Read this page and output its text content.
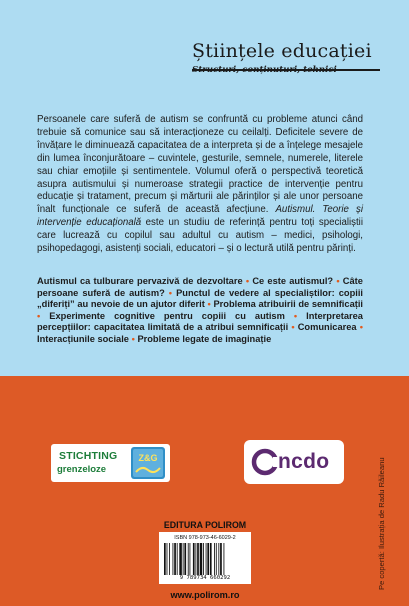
Științele educației
Persoanele care suferă de autism se confruntă cu probleme atunci când trebuie să comunice sau să interacționeze cu ceilalți. Deficitele severe de învățare le diminuează capacitatea de a interpreta și de a înțelege mesajele din lumea înconjurătoare – cuvintele, gesturile, semnele, numerele, literele sau chiar emoțiile și sentimentele. Volumul oferă o perspectivă teoretică asupra autismului și numeroase strategii practice de intervenție pentru educație și tratament, precum și mărturii ale părinților și ale unor persoane înalt funcționale ce suferă de această afecțiune. Autismul. Teorie și intervenție educațională este un studiu de referință pentru toți specialiștii care lucrează cu copilul sau adultul cu autism – medici, psihologi, psihopedagogi, asistenți sociali, educatori – și o lectură utilă pentru părinți.
Autismul ca tulburare pervazivă de dezvoltare • Ce este autismul? • Câte persoane suferă de autism? • Punctul de vedere al specialiștilor: copiii „diferiți” au nevoie de un ajutor diferit • Problema atribuirii de semnificații • Experimente cognitive pentru copiii cu autism • Interpretarea percepțiilor: capacitatea limitată de a atribui semnificații • Comunicarea • Interacțiunile sociale • Probleme legate de imaginație
STICHTING
grenzeloze
Z&G	ncdo	Pe copertă: Ilustrația de Radu Răileanu
EDITURA POLIROM
ISBN 978-973-46-6029-2
9 789734 660292
www.polirom.ro
